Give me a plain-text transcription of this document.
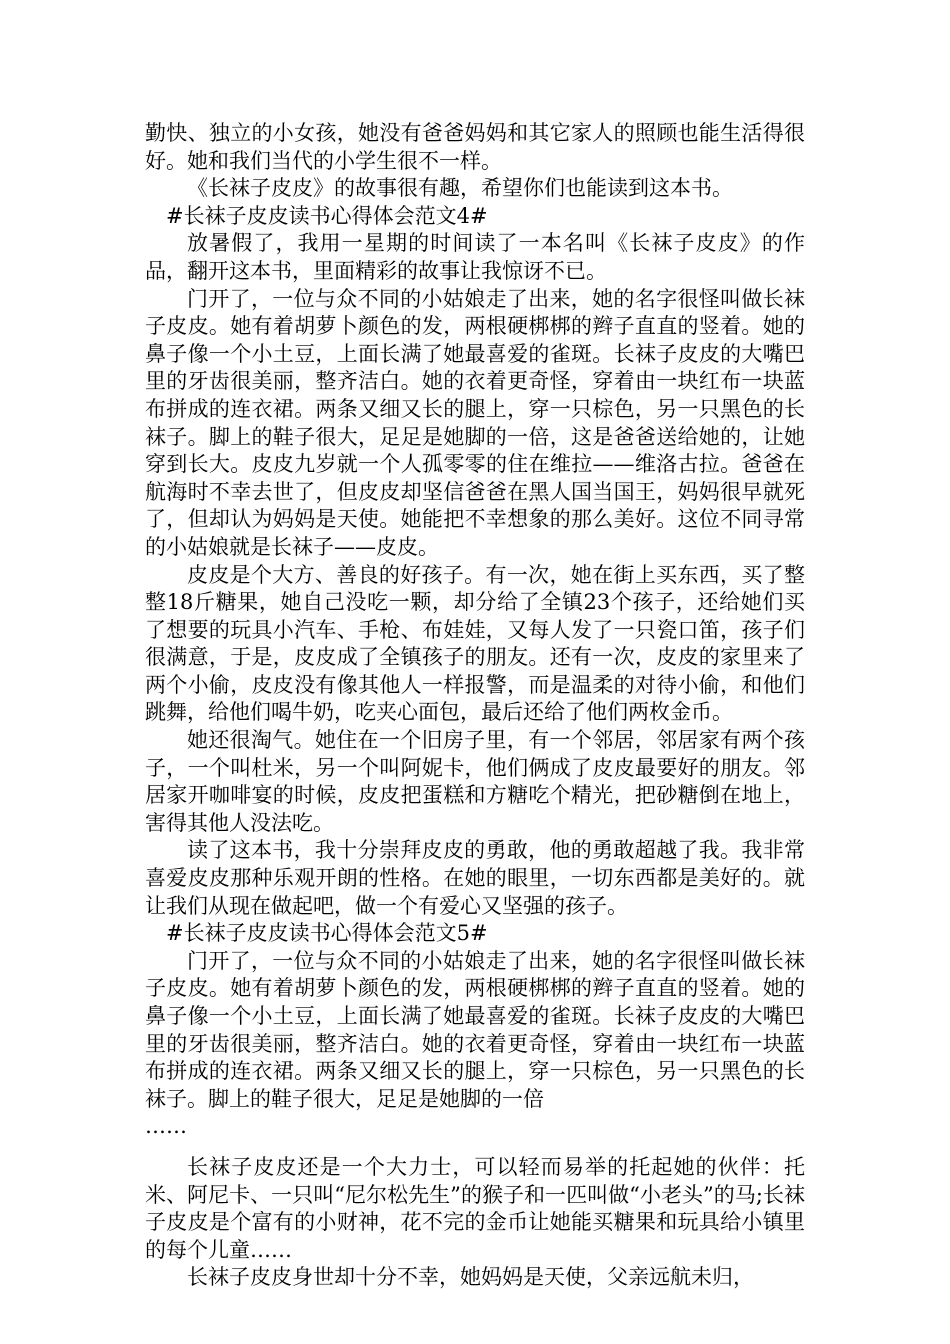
勤快、独立的小女孩，她没有爸爸妈妈和其它家人的照顾也能生活得很好。她和我们当代的小学生很不一样。

《长袜子皮皮》的故事很有趣，希望你们也能读到这本书。

#长袜子皮皮读书心得体会范文4#

放暑假了，我用一星期的时间读了一本名叫《长袜子皮皮》的作品，翻开这本书，里面精彩的故事让我惊讶不已。

门开了，一位与众不同的小姑娘走了出来，她的名字很怪叫做长袜子皮皮。她有着胡萝卜颜色的发，两根硬梆梆的辫子直直的竖着。她的鼻子像一个小土豆，上面长满了她最喜爱的雀斑。长袜子皮皮的大嘴巴里的牙齿很美丽，整齐洁白。她的衣着更奇怪，穿着由一块红布一块蓝布拼成的连衣裙。两条又细又长的腿上，穿一只棕色，另一只黑色的长袜子。脚上的鞋子很大，足足是她脚的一倍，这是爸爸送给她的，让她穿到长大。皮皮九岁就一个人孤零零的住在维拉——维洛古拉。爸爸在航海时不幸去世了，但皮皮却坚信爸爸在黑人国当国王，妈妈很早就死了，但却认为妈妈是天使。她能把不幸想象的那么美好。这位不同寻常的小姑娘就是长袜子——皮皮。

皮皮是个大方、善良的好孩子。有一次，她在街上买东西，买了整整18斤糖果，她自己没吃一颗，却分给了全镇23个孩子，还给她们买了想要的玩具小汽车、手枪、布娃娃，又每人发了一只瓷口笛，孩子们很满意，于是，皮皮成了全镇孩子的朋友。还有一次，皮皮的家里来了两个小偷，皮皮没有像其他人一样报警，而是温柔的对待小偷，和他们跳舞，给他们喝牛奶，吃夹心面包，最后还给了他们两枚金币。

她还很淘气。她住在一个旧房子里，有一个邻居，邻居家有两个孩子，一个叫杜米，另一个叫阿妮卡，他们俩成了皮皮最要好的朋友。邻居家开咖啡宴的时候，皮皮把蛋糕和方糖吃个精光，把砂糖倒在地上，害得其他人没法吃。

读了这本书，我十分崇拜皮皮的勇敢，他的勇敢超越了我。我非常喜爱皮皮那种乐观开朗的性格。在她的眼里，一切东西都是美好的。就让我们从现在做起吧，做一个有爱心又坚强的孩子。

#长袜子皮皮读书心得体会范文5#

门开了，一位与众不同的小姑娘走了出来，她的名字很怪叫做长袜子皮皮。她有着胡萝卜颜色的发，两根硬梆梆的辫子直直的竖着。她的鼻子像一个小土豆，上面长满了她最喜爱的雀斑。长袜子皮皮的大嘴巴里的牙齿很美丽，整齐洁白。她的衣着更奇怪，穿着由一块红布一块蓝布拼成的连衣裙。两条又细又长的腿上，穿一只棕色，另一只黑色的长袜子。脚上的鞋子很大，足足是她脚的一倍

……

长袜子皮皮还是一个大力士，可以轻而易举的托起她的伙伴：托米、阿尼卡、一只叫“尼尔松先生”的猴子和一匹叫做“小老头”的马;长袜子皮皮是个富有的小财神，花不完的金币让她能买糖果和玩具给小镇里的每个儿童……

长袜子皮皮身世却十分不幸，她妈妈是天使，父亲远航未归，
